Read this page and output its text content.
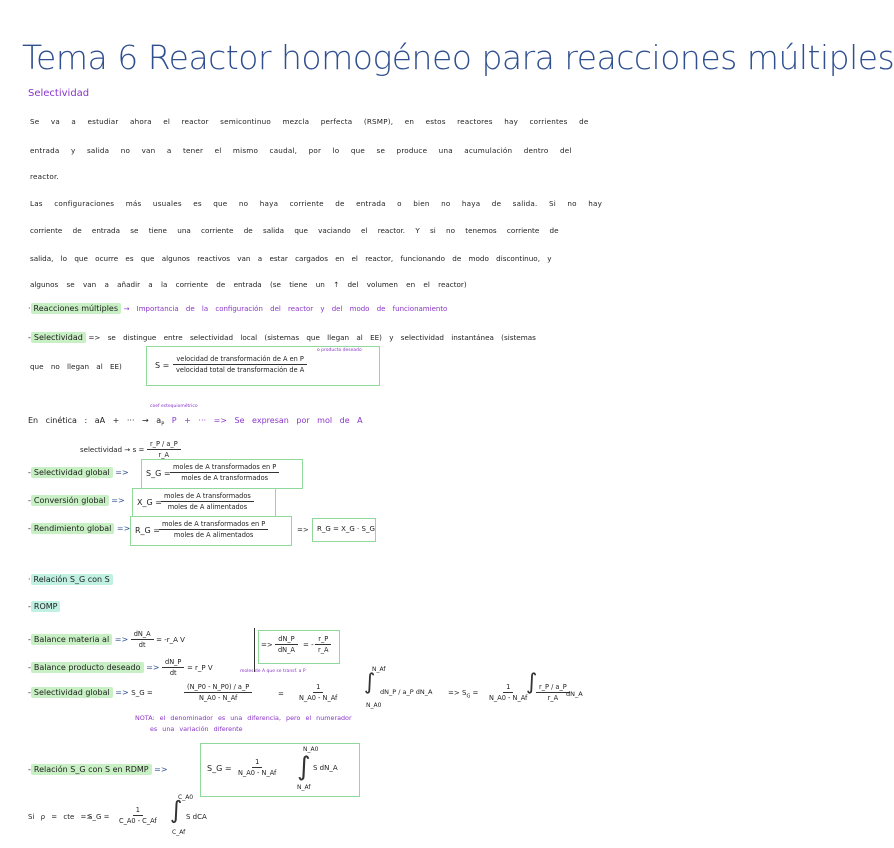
Tema 6 Reactor homogéneo para reacciones múltiples
Selectividad
Se va a estudiar ahora el reactor semicontinuo mezcla perfecta (RSMP), en estos reactores hay corrientes de
entrada y salida no van a tener el mismo caudal, por lo que se produce una acumulación dentro del
reactor.
Las configuraciones más usuales es que no haya corriente de entrada o bien no haya de salida. Si no hay
corriente de entrada se tiene una corriente de salida que vaciando el reactor. Y si no tenemos corriente de
salida, lo que ocurre es que algunos reactivos van a estar cargados en el reactor, funcionando de modo discontinuo, y
algunos se van a añadir a la corriente de entrada (se tiene un ↑ del volumen en el reactor)
· Reacciones múltiples → Importancia de la configuración del reactor y del modo de funcionamiento
- Selectividad => se distingue entre selectividad local (sistemas que llegan al EE) y selectividad instantánea (sistemas
que no llegan al EE)	S =
velocidad de transformación de A en P
velocidad total de transformación de A
o producto deseado
coef estequiométrico
En cinética : aA + ··· → $a_P$ P + ··· => Se expresan por mol de A
selectividad → $s = \frac{r\_P / a\_P}{r\_A}$
- Selectividad global => S_G =
moles de A transformados en P
moles de A transformados
- Conversión global => X_G =
moles de A transformados
moles de A alimentados
- Rendimiento global => R_G =
moles de A transformados en P
moles de A alimentados
=> R_G = X_G · S_G
· Relación S_G con S
- ROMP
- Balance materia al => $\frac{dN\_A}{dt}$ = -r_A V
- Balance producto deseado => $\frac{dN\_P}{dt}$ = r_P V
=> $\frac{dN\_P}{dN\_A}$ = - $\frac{r\_P}{r\_A}$
moles de A que se transf. a P
- Selectividad global => S_G =	$\frac{(N\_P0 - N\_P0) / a\_P}{N\_A0 - N\_Af}$	= $\frac{1}{N\_A0 - N\_Af}$ ∫
N_Af
N_A0
dN_P / a_P dN_A => $S_G = \frac{1}{N\_A0 - N\_Af}$
∫
$\frac{r\_P / a\_P}{r\_A}$
dN_A
NOTA: el denominador es una diferencia, pero el numerador
es una variación diferente
- Relación S_G con S en RDMP =>	S_G = $\frac{1}{N\_A0 - N\_Af}$ ∫
N_A0
N_Af
S dN_A
Si ρ = cte =>
S_G = $\frac{1}{C\_A0 - C\_Af}$ ∫
C_A0
C_Af
S dCA
